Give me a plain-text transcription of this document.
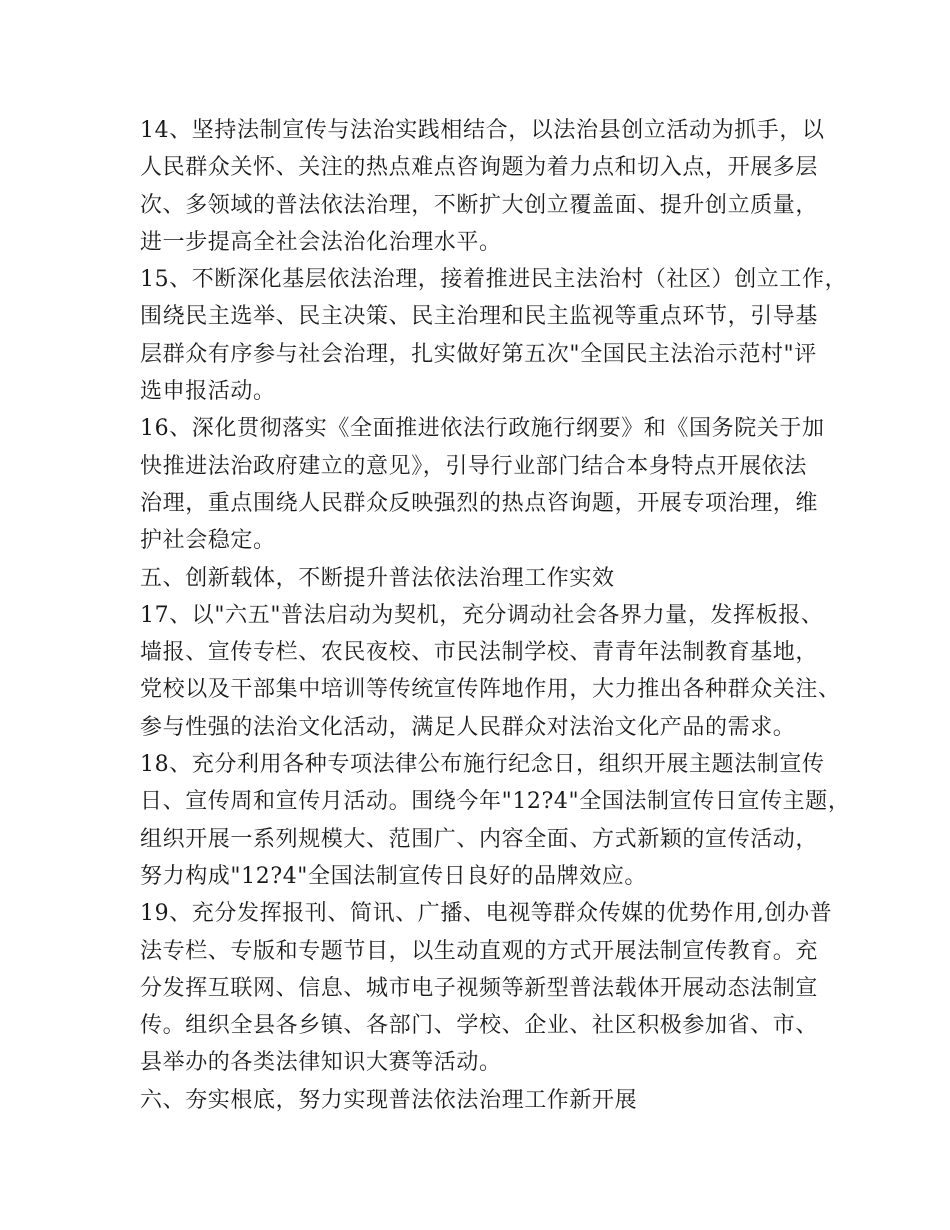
14、坚持法制宣传与法治实践相结合，以法治县创立活动为抓手，以
人民群众关怀、关注的热点难点咨询题为着力点和切入点，开展多层
次、多领域的普法依法治理，不断扩大创立覆盖面、提升创立质量，
进一步提高全社会法治化治理水平。
15、不断深化基层依法治理，接着推进民主法治村（社区）创立工作，
围绕民主选举、民主决策、民主治理和民主监视等重点环节，引导基
层群众有序参与社会治理，扎实做好第五次"全国民主法治示范村"评
选申报活动。
16、深化贯彻落实《全面推进依法行政施行纲要》和《国务院关于加
快推进法治政府建立的意见》，引导行业部门结合本身特点开展依法
治理，重点围绕人民群众反映强烈的热点咨询题，开展专项治理，维
护社会稳定。
五、创新载体，不断提升普法依法治理工作实效
17、以"六五"普法启动为契机，充分调动社会各界力量，发挥板报、
墙报、宣传专栏、农民夜校、市民法制学校、青青年法制教育基地，
党校以及干部集中培训等传统宣传阵地作用，大力推出各种群众关注、
参与性强的法治文化活动，满足人民群众对法治文化产品的需求。
18、充分利用各种专项法律公布施行纪念日，组织开展主题法制宣传
日、宣传周和宣传月活动。围绕今年"12?4"全国法制宣传日宣传主题，
组织开展一系列规模大、范围广、内容全面、方式新颖的宣传活动，
努力构成"12?4"全国法制宣传日良好的品牌效应。
19、充分发挥报刊、简讯、广播、电视等群众传媒的优势作用,创办普
法专栏、专版和专题节目，以生动直观的方式开展法制宣传教育。充
分发挥互联网、信息、城市电子视频等新型普法载体开展动态法制宣
传。组织全县各乡镇、各部门、学校、企业、社区积极参加省、市、
县举办的各类法律知识大赛等活动。
六、夯实根底，努力实现普法依法治理工作新开展
